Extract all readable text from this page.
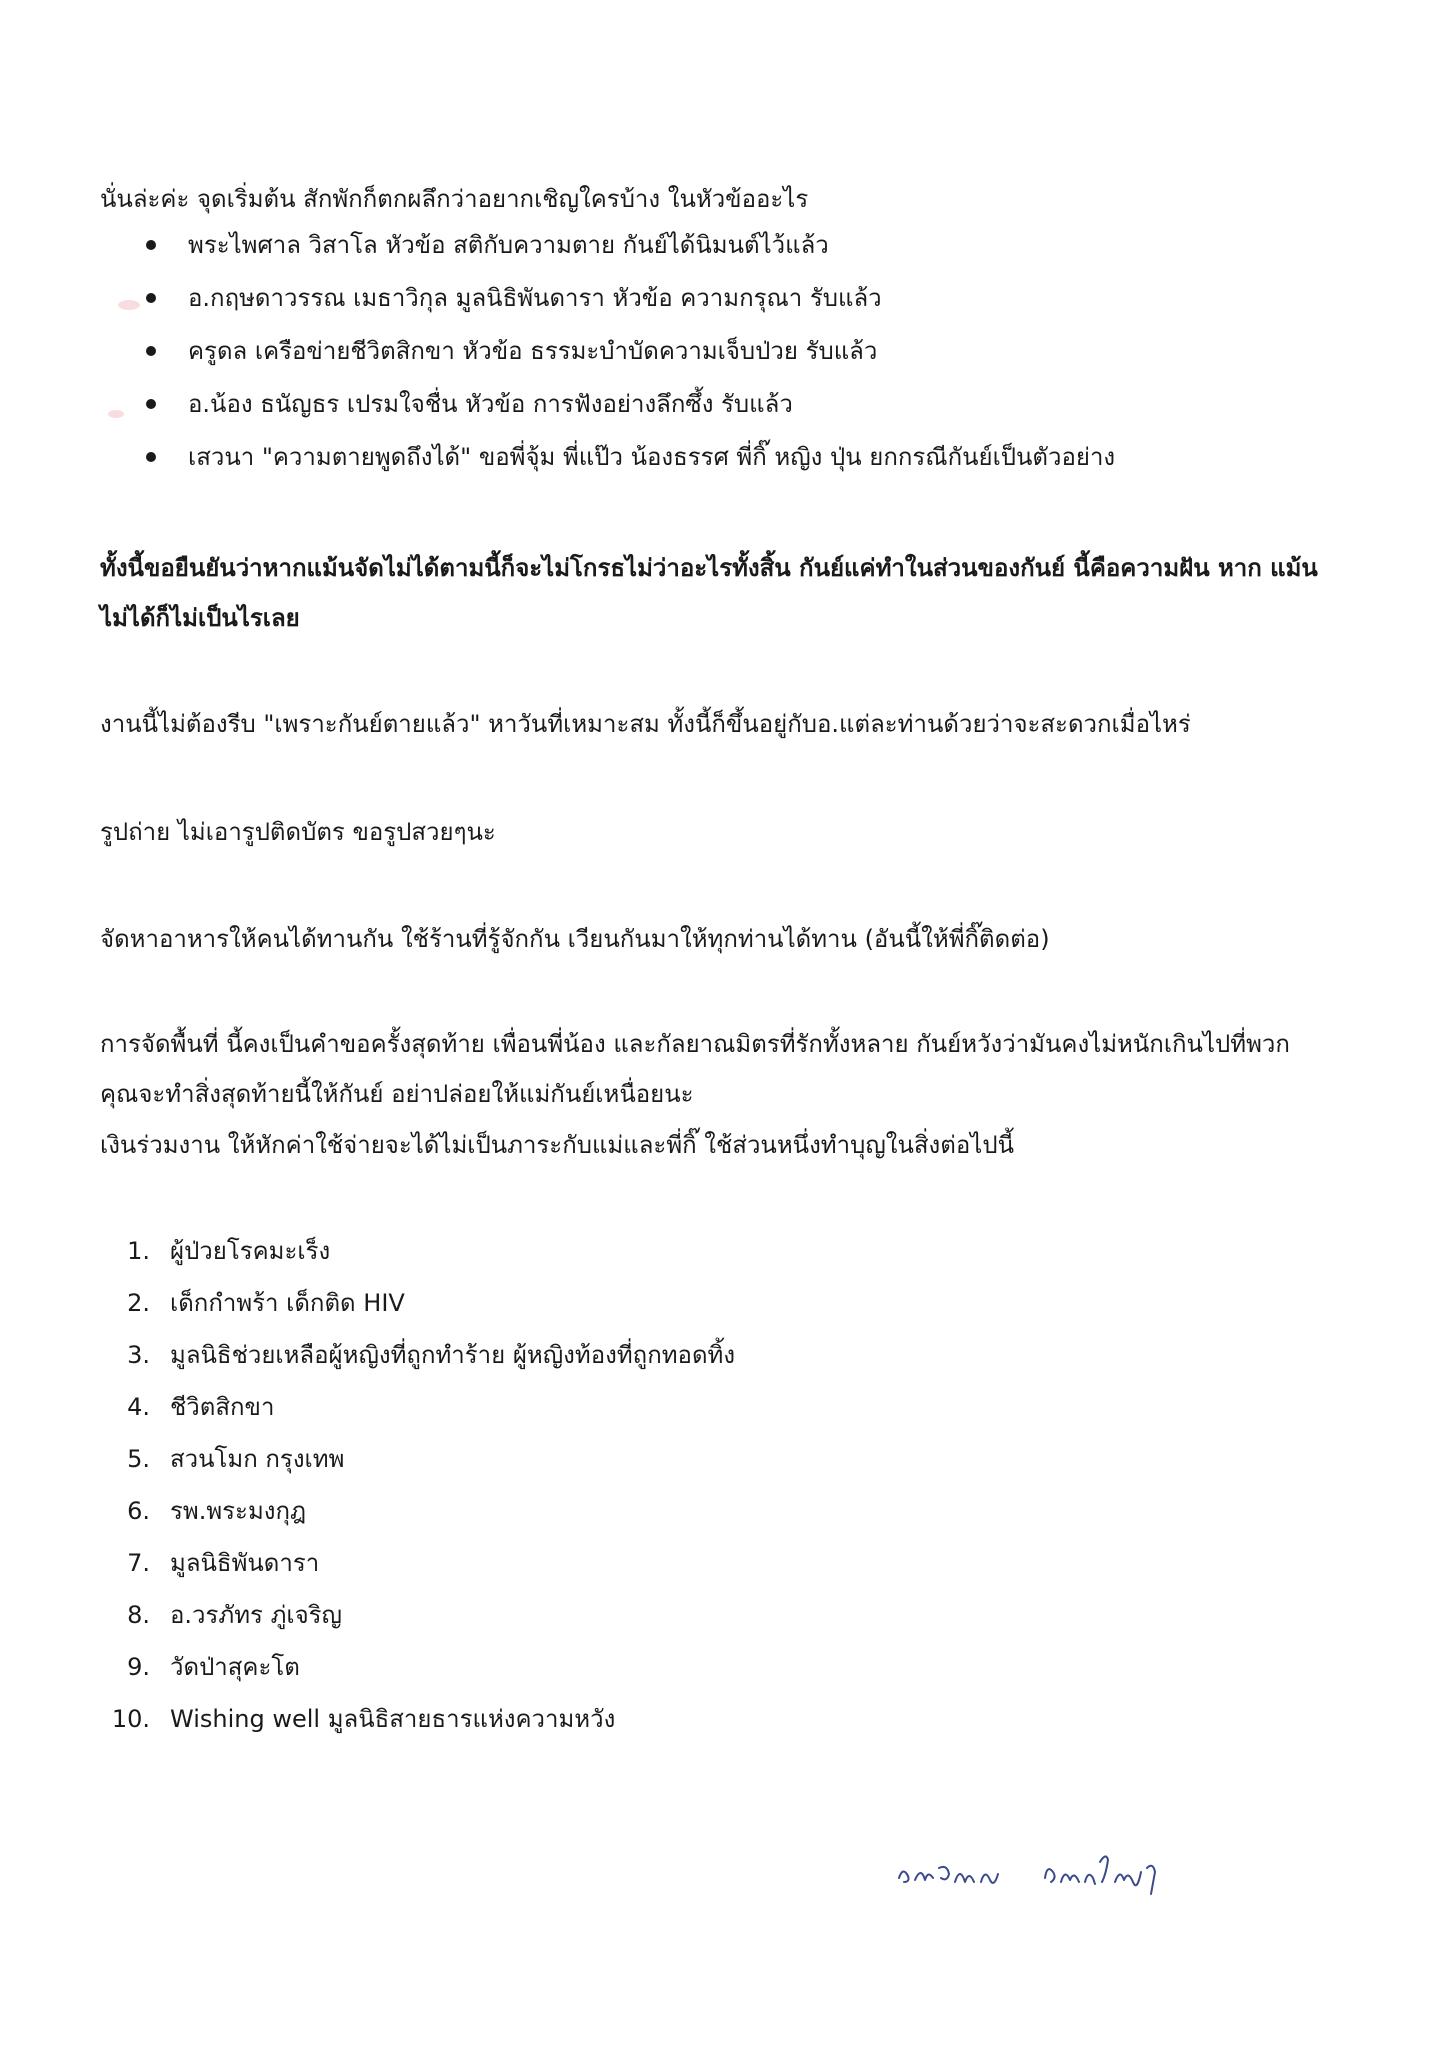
นั่นล่ะค่ะ จุดเริ่มต้น สักพักก็ตกผลึกว่าอยากเชิญใครบ้าง ในหัวข้ออะไร

พระไพศาล วิสาโล หัวข้อ สติกับความตาย กันย์ได้นิมนต์ไว้แล้ว
อ.กฤษดาวรรณ เมธาวิกุล มูลนิธิพันดารา หัวข้อ ความกรุณา รับแล้ว
ครูดล เครือข่ายชีวิตสิกขา หัวข้อ ธรรมะบำบัดความเจ็บป่วย รับแล้ว
อ.น้อง ธนัญธร เปรมใจชื่น หัวข้อ การฟังอย่างลึกซึ้ง รับแล้ว
เสวนา "ความตายพูดถึงได้" ขอพี่จุ้ม พี่แป๊ว น้องธรรศ พี่กิ๊ หญิง ปุ่น ยกกรณีกันย์เป็นตัวอย่าง

ทั้งนี้ขอยืนยันว่าหากแม้นจัดไม่ได้ตามนี้ก็จะไม่โกรธไม่ว่าอะไรทั้งสิ้น กันย์แค่ทำในส่วนของกันย์ นี้คือความฝัน หาก แม้นไม่ได้ก็ไม่เป็นไรเลย

งานนี้ไม่ต้องรีบ "เพราะกันย์ตายแล้ว" หาวันที่เหมาะสม ทั้งนี้ก็ขึ้นอยู่กับอ.แต่ละท่านด้วยว่าจะสะดวกเมื่อไหร่

รูปถ่าย ไม่เอารูปติดบัตร ขอรูปสวยๆนะ

จัดหาอาหารให้คนได้ทานกัน ใช้ร้านที่รู้จักกัน เวียนกันมาให้ทุกท่านได้ทาน (อันนี้ให้พี่กิ๊ติดต่อ)

การจัดพื้นที่ นี้คงเป็นคำขอครั้งสุดท้าย เพื่อนพี่น้อง และกัลยาณมิตรที่รักทั้งหลาย กันย์หวังว่ามันคงไม่หนักเกินไปที่พวก คุณจะทำสิ่งสุดท้ายนี้ให้กันย์ อย่าปล่อยให้แม่กันย์เหนื่อยนะ

เงินร่วมงาน ให้หักค่าใช้จ่ายจะได้ไม่เป็นภาระกับแม่และพี่กิ๊ ใช้ส่วนหนึ่งทำบุญในสิ่งต่อไปนี้

1. ผู้ป่วยโรคมะเร็ง
2. เด็กกำพร้า เด็กติด HIV
3. มูลนิธิช่วยเหลือผู้หญิงที่ถูกทำร้าย ผู้หญิงท้องที่ถูกทอดทิ้ง
4. ชีวิตสิกขา
5. สวนโมก กรุงเทพ
6. รพ.พระมงกุฎ
7. มูลนิธิพันดารา
8. อ.วรภัทร ภู่เจริญ
9. วัดป่าสุคะโต
10. Wishing well มูลนิธิสายธารแห่งความหวัง
